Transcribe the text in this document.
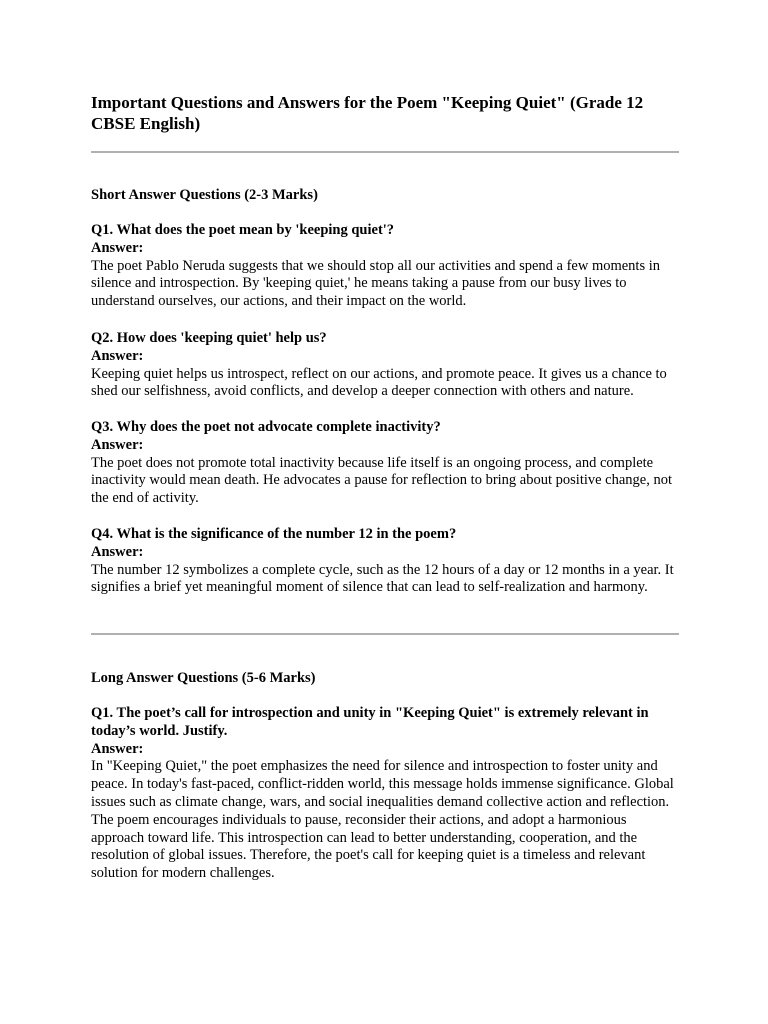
Important Questions and Answers for the Poem "Keeping Quiet" (Grade 12 CBSE English)
Short Answer Questions (2-3 Marks)

Q1. What does the poet mean by 'keeping quiet'?

Answer:

The poet Pablo Neruda suggests that we should stop all our activities and spend a few moments in silence and introspection. By 'keeping quiet,' he means taking a pause from our busy lives to understand ourselves, our actions, and their impact on the world.

Q2. How does 'keeping quiet' help us?

Answer:

Keeping quiet helps us introspect, reflect on our actions, and promote peace. It gives us a chance to shed our selfishness, avoid conflicts, and develop a deeper connection with others and nature.

Q3. Why does the poet not advocate complete inactivity?

Answer:

The poet does not promote total inactivity because life itself is an ongoing process, and complete inactivity would mean death. He advocates a pause for reflection to bring about positive change, not the end of activity.

Q4. What is the significance of the number 12 in the poem?

Answer:

The number 12 symbolizes a complete cycle, such as the 12 hours of a day or 12 months in a year. It signifies a brief yet meaningful moment of silence that can lead to self-realization and harmony.

Long Answer Questions (5-6 Marks)

Q1. The poet’s call for introspection and unity in "Keeping Quiet" is extremely relevant in today’s world. Justify.

Answer:

In "Keeping Quiet," the poet emphasizes the need for silence and introspection to foster unity and peace. In today's fast-paced, conflict-ridden world, this message holds immense significance. Global issues such as climate change, wars, and social inequalities demand collective action and reflection. The poem encourages individuals to pause, reconsider their actions, and adopt a harmonious approach toward life. This introspection can lead to better understanding, cooperation, and the resolution of global issues. Therefore, the poet's call for keeping quiet is a timeless and relevant solution for modern challenges.
